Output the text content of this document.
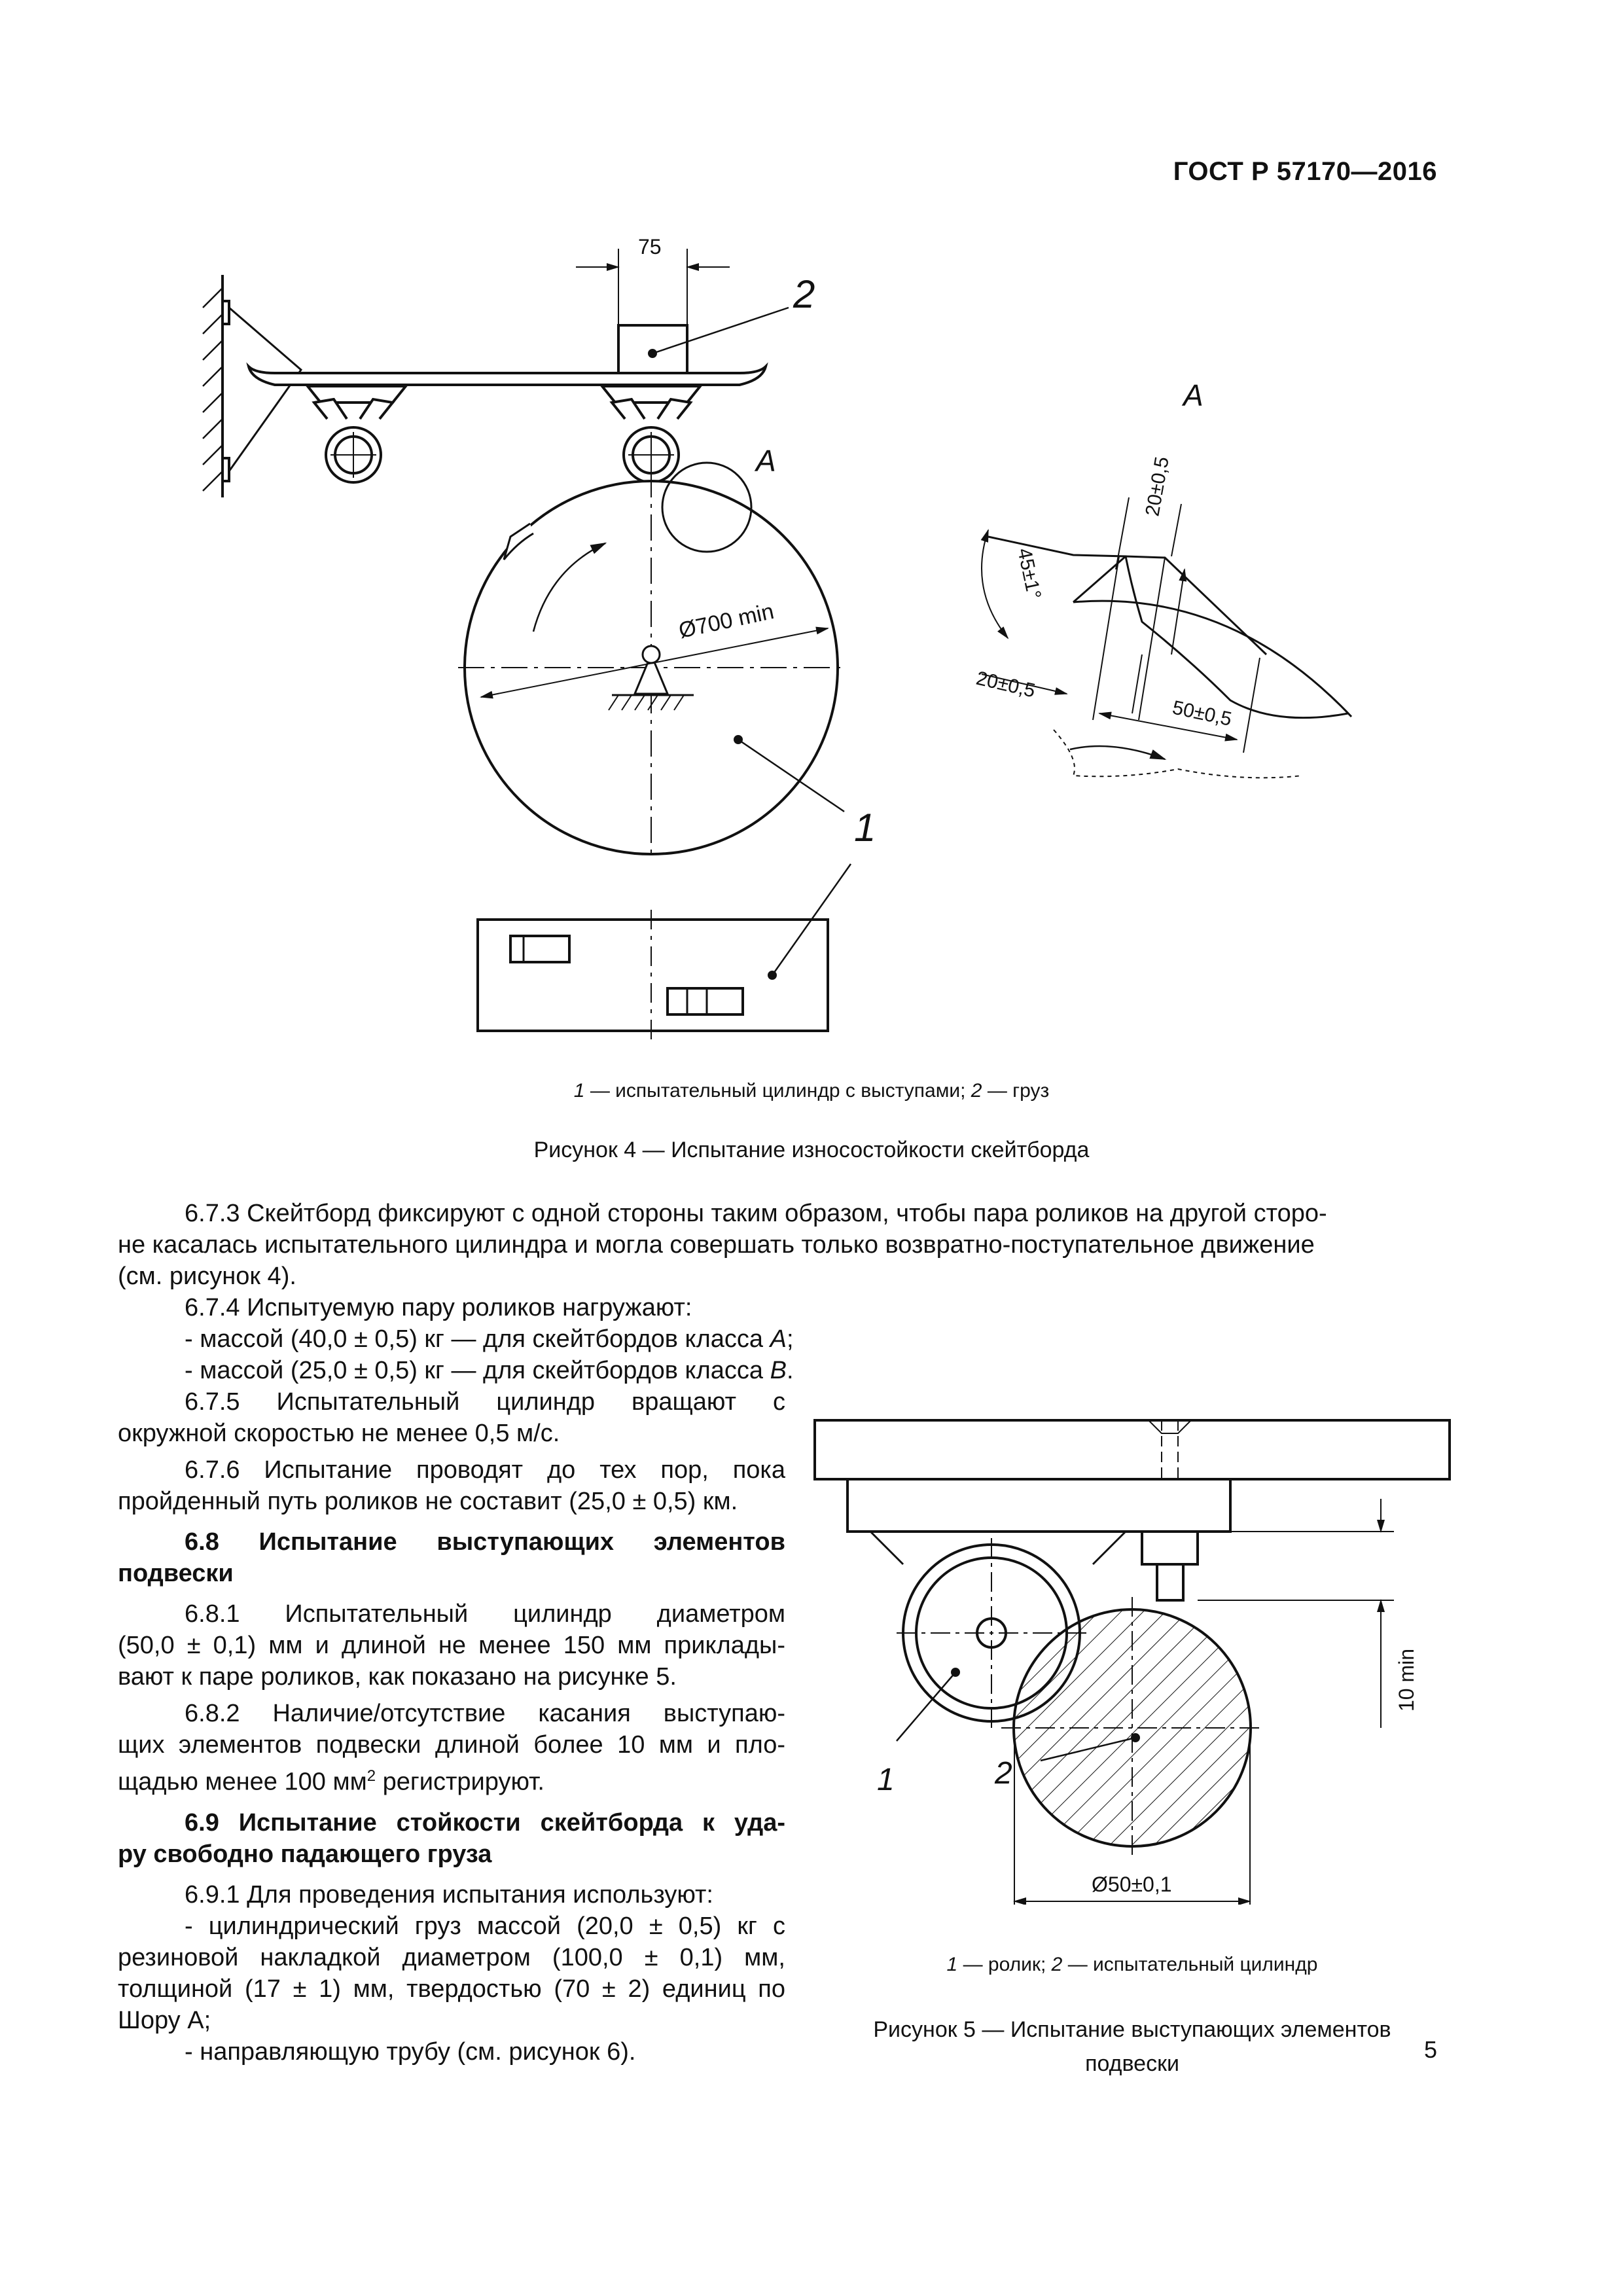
ГОСТ Р 57170—2016
75
2
A
1
Ø700 min
A
20±0,5
45±1°
20±0,5
50±0,5
1 — испытательный цилиндр с выступами; 2 — груз
Рисунок 4 — Испытание износостойкости скейтборда

6.7.3 Скейтборд фиксируют с одной стороны таким образом, чтобы пара роликов на другой сторо-

не касалась испытательного цилиндра и могла совершать только возвратно-поступательное движение

(см. рисунок 4).

6.7.4 Испытуемую пару роликов нагружают:

- массой (40,0 ± 0,5) кг — для скейтбордов класса А;

- массой (25,0 ± 0,5) кг — для скейтбордов класса В.

6.7.5 Испытательный цилиндр вращают с

окружной скоростью не менее 0,5 м/с.

6.7.6 Испытание проводят до тех пор, пока

пройденный путь роликов не составит (25,0 ± 0,5) км.

6.8 Испытание выступающих элементов

подвески

6.8.1 Испытательный цилиндр диаметром

(50,0 ± 0,1) мм и длиной не менее 150 мм приклады-

вают к паре роликов, как показано на рисунке 5.

6.8.2 Наличие/отсутствие касания выступаю-

щих элементов подвески длиной более 10 мм и пло-

щадью менее 100 $мм^2$ регистрируют.

6.9 Испытание стойкости скейтборда к уда-

ру свободно падающего груза

6.9.1 Для проведения испытания используют:

- цилиндрический груз массой (20,0 ± 0,5) кг с

резиновой накладкой диаметром (100,0 ± 0,1) мм,

толщиной (17 ± 1) мм, твердостью (70 ± 2) единиц по

Шору А;

- направляющую трубу (см. рисунок 6).

1	2
10 min
Ø50±0,1
1 — ролик; 2 — испытательный цилиндр
Рисунок 5 — Испытание выступающих элементов
подвески
5
